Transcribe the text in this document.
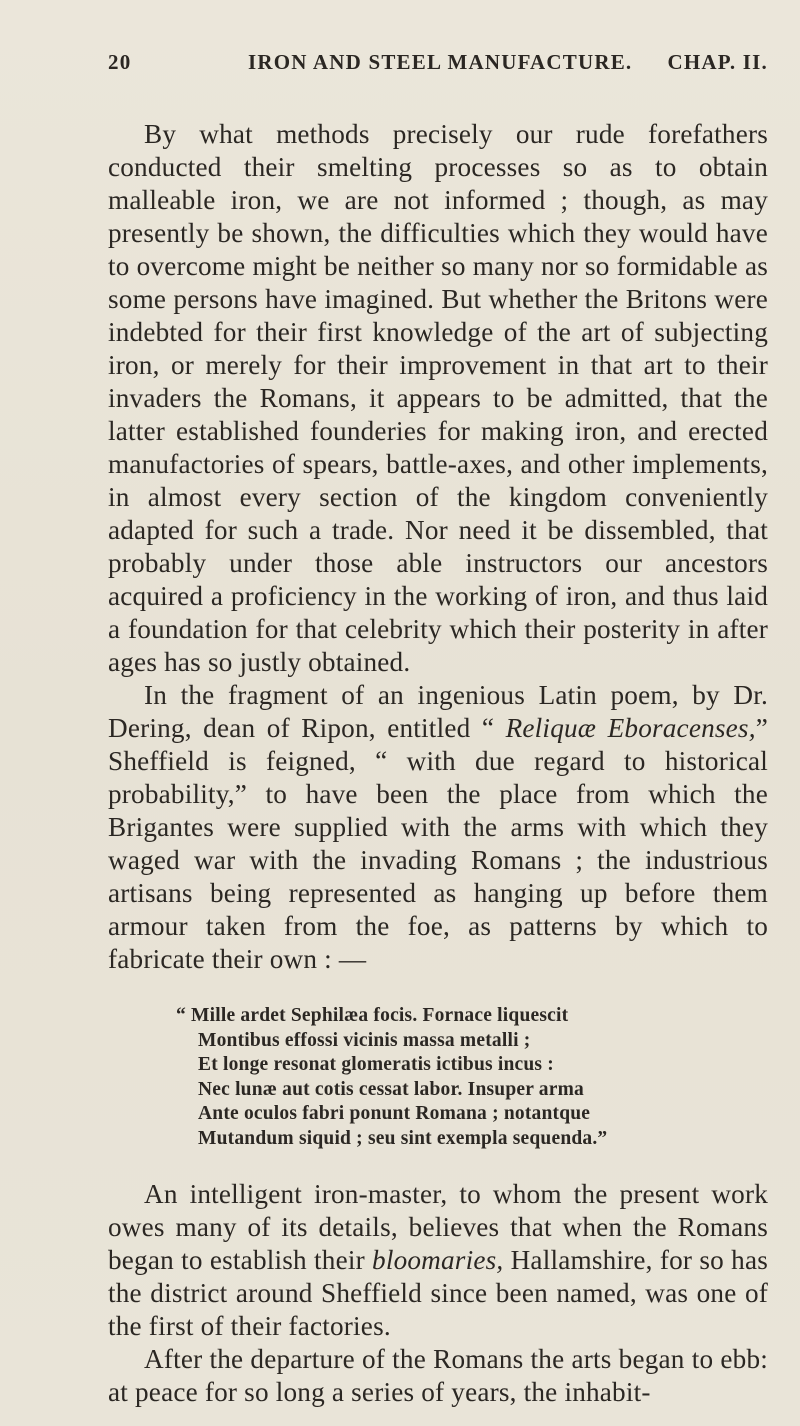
20	IRON AND STEEL MANUFACTURE. CHAP. II.

By what methods precisely our rude forefathers conducted their smelting processes so as to obtain malleable iron, we are not informed ; though, as may presently be shown, the difficulties which they would have to overcome might be neither so many nor so formidable as some persons have imagined. But whether the Britons were indebted for their first knowledge of the art of subjecting iron, or merely for their improvement in that art to their invaders the Romans, it appears to be admitted, that the latter established founderies for making iron, and erected manufactories of spears, battle-axes, and other implements, in almost every section of the kingdom conveniently adapted for such a trade. Nor need it be dissembled, that probably under those able instructors our ancestors acquired a proficiency in the working of iron, and thus laid a foundation for that celebrity which their posterity in after ages has so justly obtained.

In the fragment of an ingenious Latin poem, by Dr. Dering, dean of Ripon, entitled “ Reliquæ Eboracenses,” Sheffield is feigned, “ with due regard to historical probability,” to have been the place from which the Brigantes were supplied with the arms with which they waged war with the invading Romans ; the industrious artisans being represented as hanging up before them armour taken from the foe, as patterns by which to fabricate their own : —

“ Mille ardet Sephilæa focis. Fornace liquescit
Montibus effossi vicinis massa metalli ;
Et longe resonat glomeratis ictibus incus :
Nec lunæ aut cotis cessat labor. Insuper arma
Ante oculos fabri ponunt Romana ; notantque
Mutandum siquid ; seu sint exempla sequenda.”

An intelligent iron-master, to whom the present work owes many of its details, believes that when the Romans began to establish their bloomaries, Hallamshire, for so has the district around Sheffield since been named, was one of the first of their factories.

After the departure of the Romans the arts began to ebb: at peace for so long a series of years, the inhabit-
